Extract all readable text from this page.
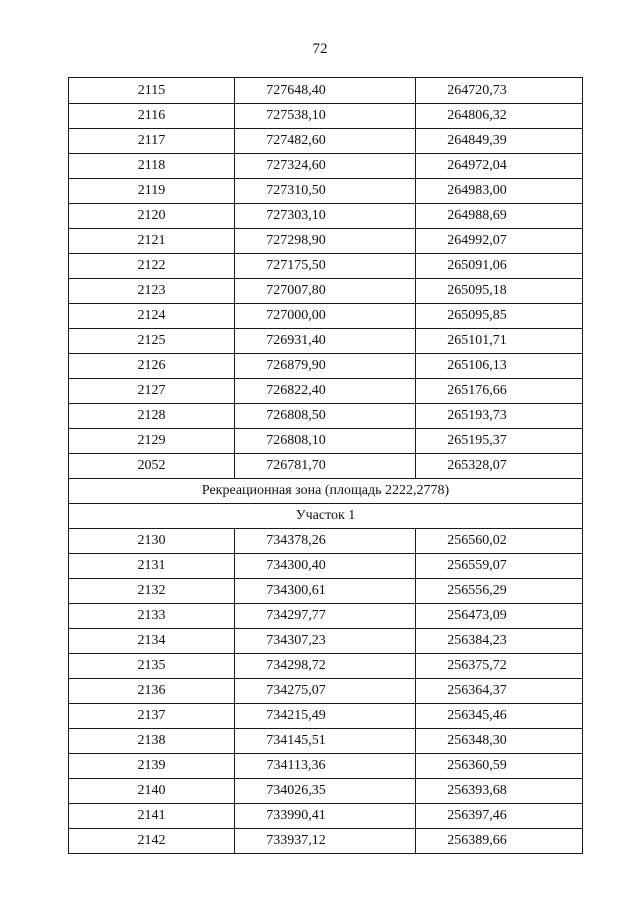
72
2115	727648,40	264720,73
2116	727538,10	264806,32
2117	727482,60	264849,39
2118	727324,60	264972,04
2119	727310,50	264983,00
2120	727303,10	264988,69
2121	727298,90	264992,07
2122	727175,50	265091,06
2123	727007,80	265095,18
2124	727000,00	265095,85
2125	726931,40	265101,71
2126	726879,90	265106,13
2127	726822,40	265176,66
2128	726808,50	265193,73
2129	726808,10	265195,37
2052	726781,70	265328,07
Рекреационная зона (площадь 2222,2778)		
Участок 1		
2130	734378,26	256560,02
2131	734300,40	256559,07
2132	734300,61	256556,29
2133	734297,77	256473,09
2134	734307,23	256384,23
2135	734298,72	256375,72
2136	734275,07	256364,37
2137	734215,49	256345,46
2138	734145,51	256348,30
2139	734113,36	256360,59
2140	734026,35	256393,68
2141	733990,41	256397,46
2142	733937,12	256389,66
